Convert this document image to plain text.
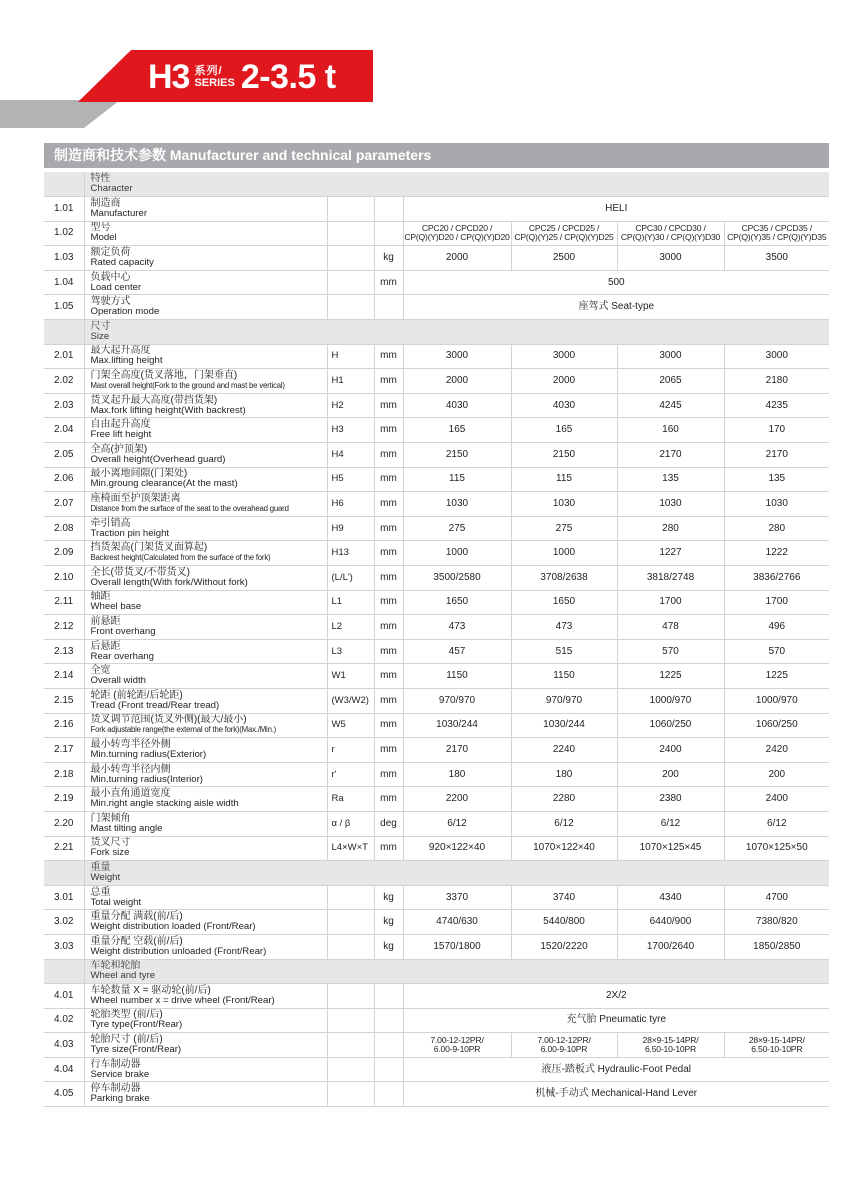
H3 系列/
SERIES 2-3.5 t
制造商和技术参数 Manufacturer and technical parameters

	特性
Character						

1.01	制造商
Manufacturer			HELI			
1.02	型号
Model			CPC20 / CPCD20 /
CP(Q)(Y)D20 / CP(Q)(Y)D20	CPC25 / CPCD25 /
CP(Q)(Y)25 / CP(Q)(Y)D25	CPC30 / CPCD30 /
CP(Q)(Y)30 / CP(Q)(Y)D30	CPC35 / CPCD35 /
CP(Q)(Y)35 / CP(Q)(Y)D35
1.03	额定负荷
Rated capacity		kg	2000	2500	3000	3500
1.04	负载中心
Load center		mm	500			
1.05	驾驶方式
Operation mode			座驾式 Seat-type			

	尺寸
Size						

2.01	最大起升高度
Max.lifting height	H	mm	3000	3000	3000	3000
2.02	门架全高度(货叉落地，门架垂直)
Mast overall height(Fork to the ground and mast be vertical)	H1	mm	2000	2000	2065	2180
2.03	货叉起升最大高度(带挡货架)
Max.fork lifting height(With backrest)	H2	mm	4030	4030	4245	4235
2.04	自由起升高度
Free lift height	H3	mm	165	165	160	170
2.05	全高(护顶架)
Overall height(Overhead guard)	H4	mm	2150	2150	2170	2170
2.06	最小离地间隙(门架处)
Min.groung clearance(At the mast)	H5	mm	115	115	135	135
2.07	座椅面至护顶架距离
Distance from the surface of the seat to the overahead guard	H6	mm	1030	1030	1030	1030
2.08	牵引销高
Traction pin height	H9	mm	275	275	280	280
2.09	挡货架高(门架货叉面算起)
Backrest height(Calculated from the surface of the fork)	H13	mm	1000	1000	1227	1222
2.10	全长(带货叉/不带货叉)
Overall length(With fork/Without fork)	(L/L')	mm	3500/2580	3708/2638	3818/2748	3836/2766
2.11	轴距
Wheel base	L1	mm	1650	1650	1700	1700
2.12	前悬距
Front overhang	L2	mm	473	473	478	496
2.13	后悬距
Rear overhang	L3	mm	457	515	570	570
2.14	全宽
Overall width	W1	mm	1150	1150	1225	1225
2.15	轮距 (前轮距/后轮距)
Tread (Front tread/Rear tread)	(W3/W2)	mm	970/970	970/970	1000/970	1000/970
2.16	货叉调节范围(货叉外侧)(最大/最小)
Fork adjustable range(the external of the fork)(Max./Min.)	W5	mm	1030/244	1030/244	1060/250	1060/250
2.17	最小转弯半径外侧
Min.turning radius(Exterior)	r	mm	2170	2240	2400	2420
2.18	最小转弯半径内侧
Min.turning radius(Interior)	r'	mm	180	180	200	200
2.19	最小直角通道宽度
Min.right angle stacking aisle width	Ra	mm	2200	2280	2380	2400
2.20	门架倾角
Mast tilting angle	α / β	deg	6/12	6/12	6/12	6/12
2.21	货叉尺寸
Fork size	L4×W×T	mm	920×122×40	1070×122×40	1070×125×45	1070×125×50

	重量
Weight						

3.01	总重
Total weight		kg	3370	3740	4340	4700
3.02	重量分配 满载(前/后)
Weight distribution loaded (Front/Rear)		kg	4740/630	5440/800	6440/900	7380/820
3.03	重量分配 空载(前/后)
Weight distribution unloaded (Front/Rear)		kg	1570/1800	1520/2220	1700/2640	1850/2850

	车轮和轮胎
Wheel and tyre						

4.01	车轮数量 X = 驱动轮(前/后)
Wheel number x = drive wheel (Front/Rear)			2X/2			
4.02	轮胎类型 (前/后)
Tyre type(Front/Rear)			充气胎 Pneumatic tyre			
4.03	轮胎尺寸 (前/后)
Tyre size(Front/Rear)			7.00-12-12PR/
6.00-9-10PR	7.00-12-12PR/
6.00-9-10PR	28×9-15-14PR/
6.50-10-10PR	28×9-15-14PR/
6.50-10-10PR
4.04	行车制动器
Service brake			液压-踏板式 Hydraulic-Foot Pedal			
4.05	停车制动器
Parking brake			机械-手动式 Mechanical-Hand Lever			
